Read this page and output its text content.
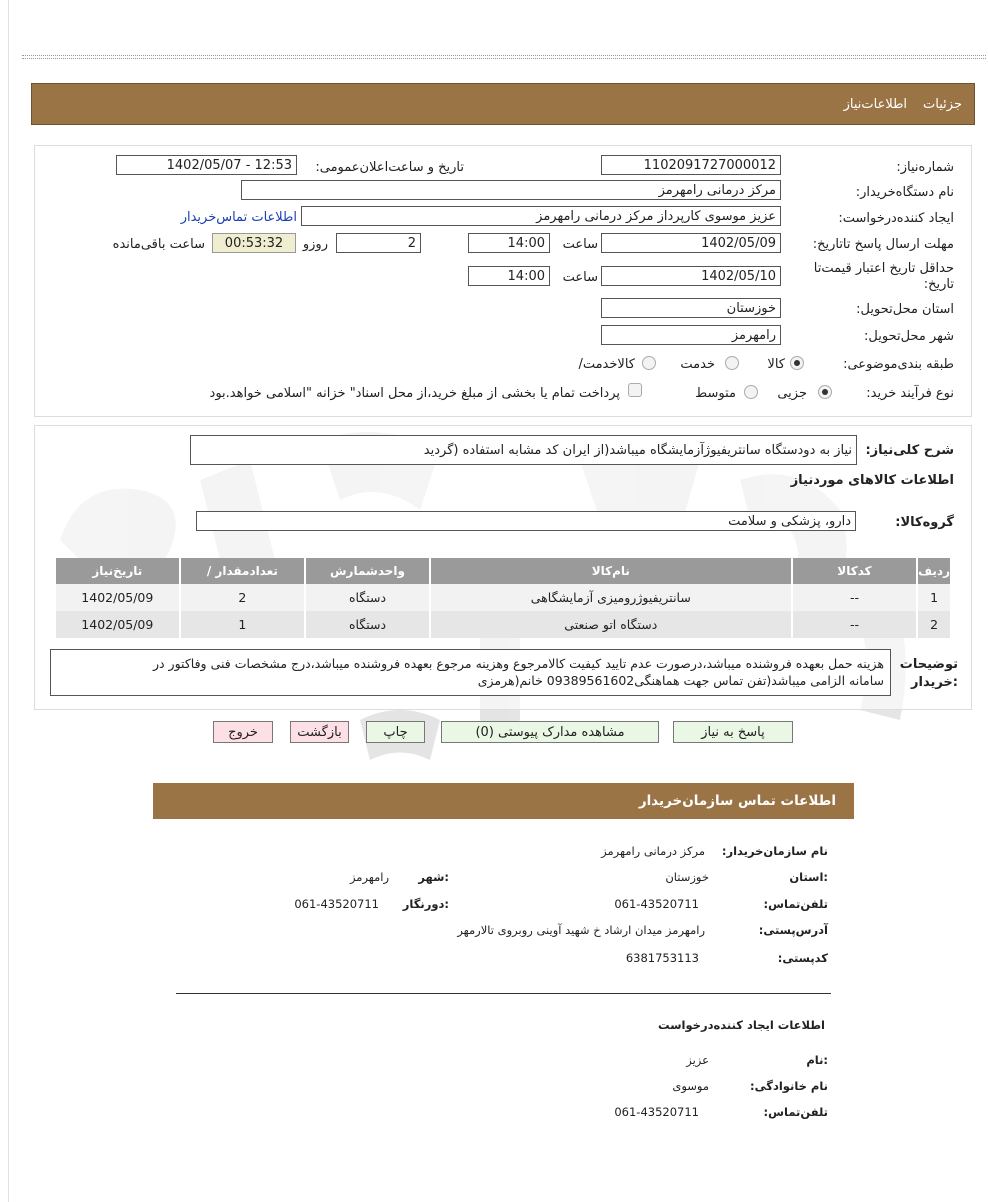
جزئیات
اطلاعات‌نیاز
شماره‌نیاز:
1102091727000012
تاریخ و ساعت‌اعلان‌عمومی:
1402/05/07 - 12:53
نام دستگاه‌خریدار:
مرکز درمانی رامهرمز
ایجاد کننده‌درخواست:
عزیز موسوی کارپرداز مرکز درمانی رامهرمز
اطلاعات تماس‌خریدار
مهلت ارسال پاسخ تا‌تاریخ:
1402/05/09
ساعت
14:00
2
روزو
00:53:32
ساعت باقی‌مانده
حداقل تاریخ اعتبار قیمت‌تا
تاریخ:
1402/05/10
ساعت
14:00
استان محل‌تحویل:
خوزستان
شهر محل‌تحویل:
رامهرمز
طبقه بندی‌موضوعی:
کالا
خدمت
کالاخدمت/
نوع فرآیند خرید:
جزیی
متوسط
پرداخت تمام یا بخشی از مبلغ خرید،از محل اسناد" خزانه "اسلامی خواهد.بود
شرح کلی‌نیاز:
نیاز به دودستگاه سانتریفیوژآزمایشگاه میباشد(از ایران کد مشابه استفاده (گردید
اطلاعات کالاهای موردنیاز
گروه‌کالا:
دارو، پزشکی و سلامت
ردیف	کدکالا	نام‌کالا	واحدشمارش	تعدادمقدار /	تاریخ‌نیاز
1	--	سانتریفیوژرومیزی آزمایشگاهی	دستگاه	2	1402/05/09
2	--	دستگاه اتو صنعتی	دستگاه	1	1402/05/09
توضیحات
:خریدار
هزینه حمل بعهده فروشنده میباشد،درصورت عدم تایید کیفیت کالامرجوع وهزینه مرجوع بعهده فروشنده میباشد،درج مشخصات فنی وفاکتور در
سامانه الزامی میباشد(تفن تماس جهت هماهنگی09389561602 خانم(هرمزی
پاسخ به نیاز
مشاهده مدارک پیوستی (0)
چاپ
بازگشت
خروج
اطلاعات تماس سازمان‌خریدار
نام سازمان‌خریدار:
مرکز درمانی رامهرمز
:استان
خوزستان
:شهر
رامهرمز
تلفن‌تماس:
061-43520711
:دورنگار
061-43520711
آدرس‌پستی:
رامهرمز میدان ارشاد خ شهید آوینی روبروی تالارمهر
کد‌پستی:
6381753113
اطلاعات ایجاد کننده‌درخواست
:نام
عزیز
نام خانوادگی:
موسوی
تلفن‌تماس:
061-43520711
